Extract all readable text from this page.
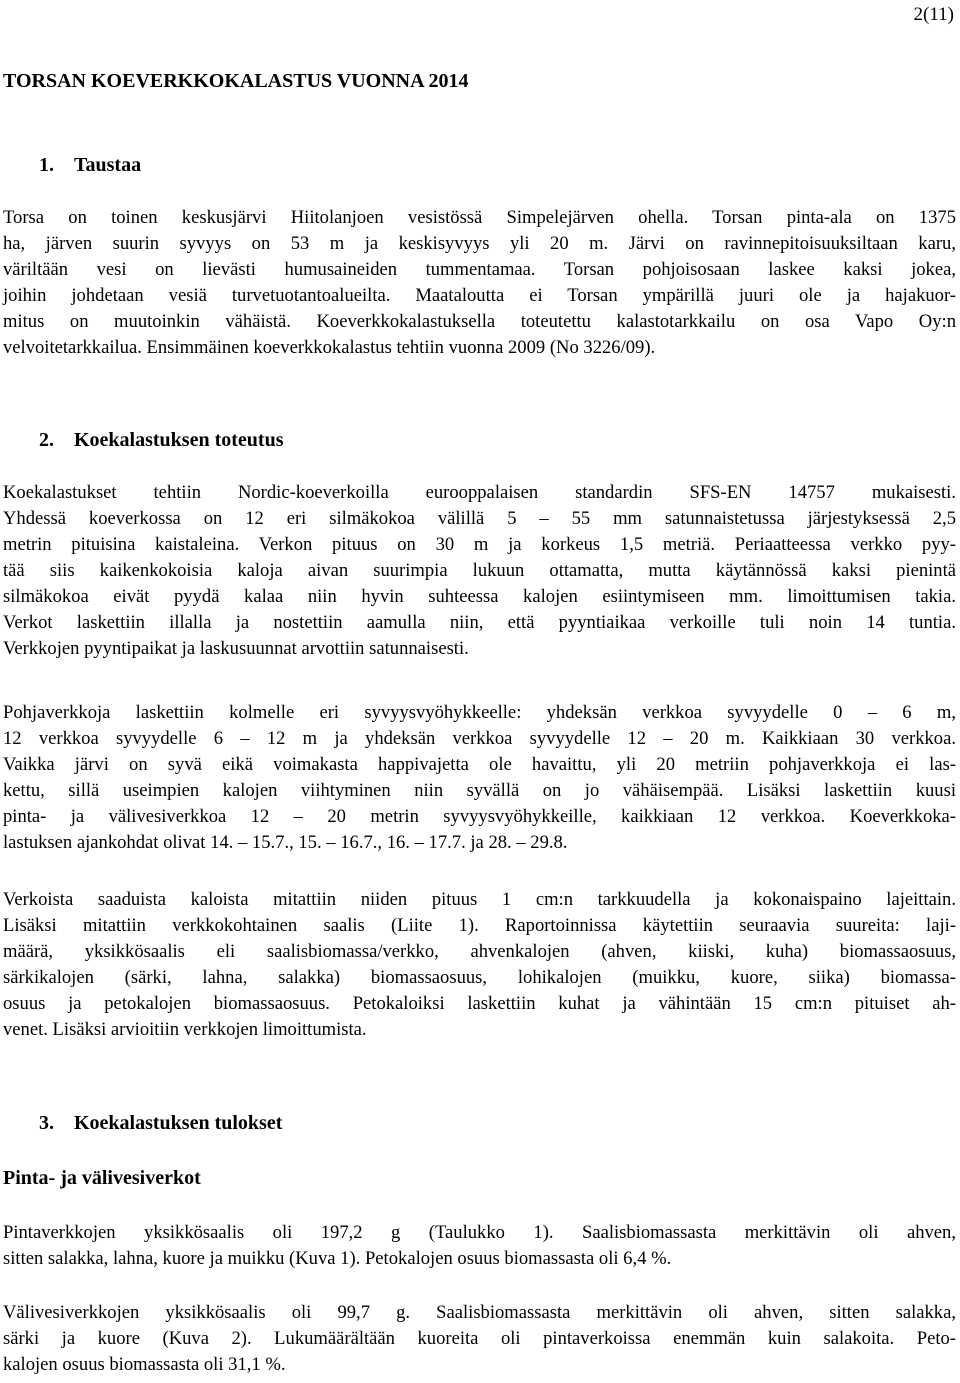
2(11)
TORSAN KOEVERKKOKALASTUS VUONNA 2014
1. Taustaa
Torsa on toinen keskusjärvi Hiitolanjoen vesistössä Simpelejärven ohella. Torsan pinta-ala on 1375
ha, järven suurin syvyys on 53 m ja keskisyvyys yli 20 m. Järvi on ravinnepitoisuuksiltaan karu,
väriltään vesi on lievästi humusaineiden tummentamaa. Torsan pohjoisosaan laskee kaksi jokea,
joihin johdetaan vesiä turvetuotantoalueilta. Maataloutta ei Torsan ympärillä juuri ole ja hajakuor-
mitus on muutoinkin vähäistä. Koeverkkokalastuksella toteutettu kalastotarkkailu on osa Vapo Oy:n
velvoitetarkkailua. Ensimmäinen koeverkkokalastus tehtiin vuonna 2009 (No 3226/09).
2. Koekalastuksen toteutus
Koekalastukset tehtiin Nordic-koeverkoilla eurooppalaisen standardin SFS-EN 14757 mukaisesti.
Yhdessä koeverkossa on 12 eri silmäkokoa välillä 5 – 55 mm satunnaistetussa järjestyksessä 2,5
metrin pituisina kaistaleina. Verkon pituus on 30 m ja korkeus 1,5 metriä. Periaatteessa verkko pyy-
tää siis kaikenkokoisia kaloja aivan suurimpia lukuun ottamatta, mutta käytännössä kaksi pienintä
silmäkokoa eivät pyydä kalaa niin hyvin suhteessa kalojen esiintymiseen mm. limoittumisen takia.
Verkot laskettiin illalla ja nostettiin aamulla niin, että pyyntiaikaa verkoille tuli noin 14 tuntia.
Verkkojen pyyntipaikat ja laskusuunnat arvottiin satunnaisesti.
Pohjaverkkoja laskettiin kolmelle eri syvyysvyöhykkeelle: yhdeksän verkkoa syvyydelle 0 – 6 m,
12 verkkoa syvyydelle 6 – 12 m ja yhdeksän verkkoa syvyydelle 12 – 20 m. Kaikkiaan 30 verkkoa.
Vaikka järvi on syvä eikä voimakasta happivajetta ole havaittu, yli 20 metriin pohjaverkkoja ei las-
kettu, sillä useimpien kalojen viihtyminen niin syvällä on jo vähäisempää. Lisäksi laskettiin kuusi
pinta- ja välivesiverkkoa 12 – 20 metrin syvyysvyöhykkeille, kaikkiaan 12 verkkoa. Koeverkkoka-
lastuksen ajankohdat olivat 14. – 15.7., 15. – 16.7., 16. – 17.7. ja 28. – 29.8.
Verkoista saaduista kaloista mitattiin niiden pituus 1 cm:n tarkkuudella ja kokonaispaino lajeittain.
Lisäksi mitattiin verkkokohtainen saalis (Liite 1). Raportoinnissa käytettiin seuraavia suureita: laji-
määrä, yksikkösaalis eli saalisbiomassa/verkko, ahvenkalojen (ahven, kiiski, kuha) biomassaosuus,
särkikalojen (särki, lahna, salakka) biomassaosuus, lohikalojen (muikku, kuore, siika) biomassa-
osuus ja petokalojen biomassaosuus. Petokaloiksi laskettiin kuhat ja vähintään 15 cm:n pituiset ah-
venet. Lisäksi arvioitiin verkkojen limoittumista.
3. Koekalastuksen tulokset
Pinta- ja välivesiverkot
Pintaverkkojen yksikkösaalis oli 197,2 g (Taulukko 1). Saalisbiomassasta merkittävin oli ahven,
sitten salakka, lahna, kuore ja muikku (Kuva 1). Petokalojen osuus biomassasta oli 6,4 %.
Välivesiverkkojen yksikkösaalis oli 99,7 g. Saalisbiomassasta merkittävin oli ahven, sitten salakka,
särki ja kuore (Kuva 2). Lukumäärältään kuoreita oli pintaverkoissa enemmän kuin salakoita. Peto-
kalojen osuus biomassasta oli 31,1 %.
